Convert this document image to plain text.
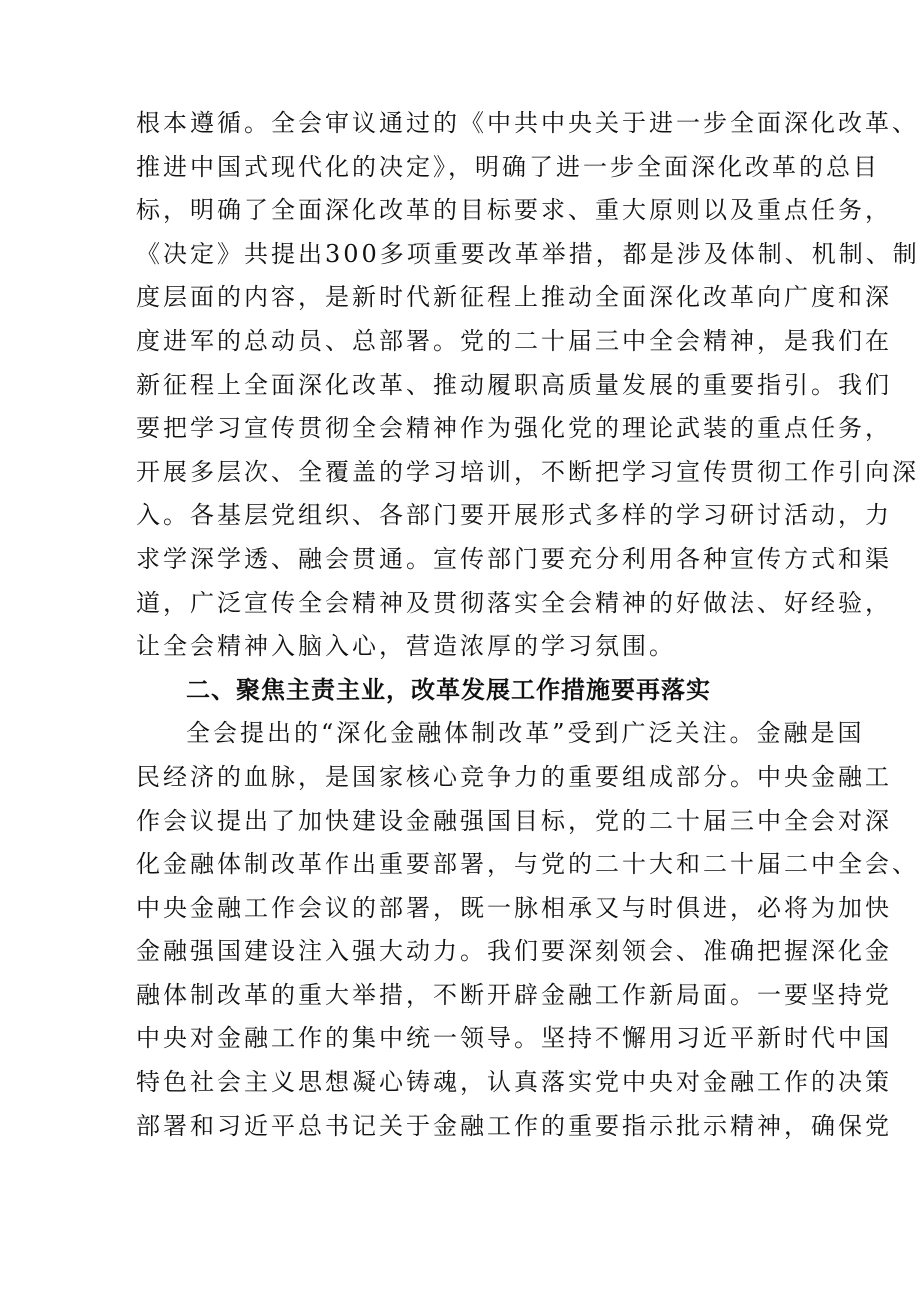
根本遵循。全会审议通过的《中共中央关于进一步全面深化改革、
推进中国式现代化的决定》，明确了进一步全面深化改革的总目
标，明确了全面深化改革的目标要求、重大原则以及重点任务，
《决定》共提出300多项重要改革举措，都是涉及体制、机制、制
度层面的内容，是新时代新征程上推动全面深化改革向广度和深
度进军的总动员、总部署。党的二十届三中全会精神，是我们在
新征程上全面深化改革、推动履职高质量发展的重要指引。我们
要把学习宣传贯彻全会精神作为强化党的理论武装的重点任务，
开展多层次、全覆盖的学习培训，不断把学习宣传贯彻工作引向深
入。各基层党组织、各部门要开展形式多样的学习研讨活动，力
求学深学透、融会贯通。宣传部门要充分利用各种宣传方式和渠
道，广泛宣传全会精神及贯彻落实全会精神的好做法、好经验，
让全会精神入脑入心，营造浓厚的学习氛围。
二、聚焦主责主业，改革发展工作措施要再落实
全会提出的“深化金融体制改革”受到广泛关注。金融是国
民经济的血脉，是国家核心竞争力的重要组成部分。中央金融工
作会议提出了加快建设金融强国目标，党的二十届三中全会对深
化金融体制改革作出重要部署，与党的二十大和二十届二中全会、
中央金融工作会议的部署，既一脉相承又与时俱进，必将为加快
金融强国建设注入强大动力。我们要深刻领会、准确把握深化金
融体制改革的重大举措，不断开辟金融工作新局面。一要坚持党
中央对金融工作的集中统一领导。坚持不懈用习近平新时代中国
特色社会主义思想凝心铸魂，认真落实党中央对金融工作的决策
部署和习近平总书记关于金融工作的重要指示批示精神，确保党
